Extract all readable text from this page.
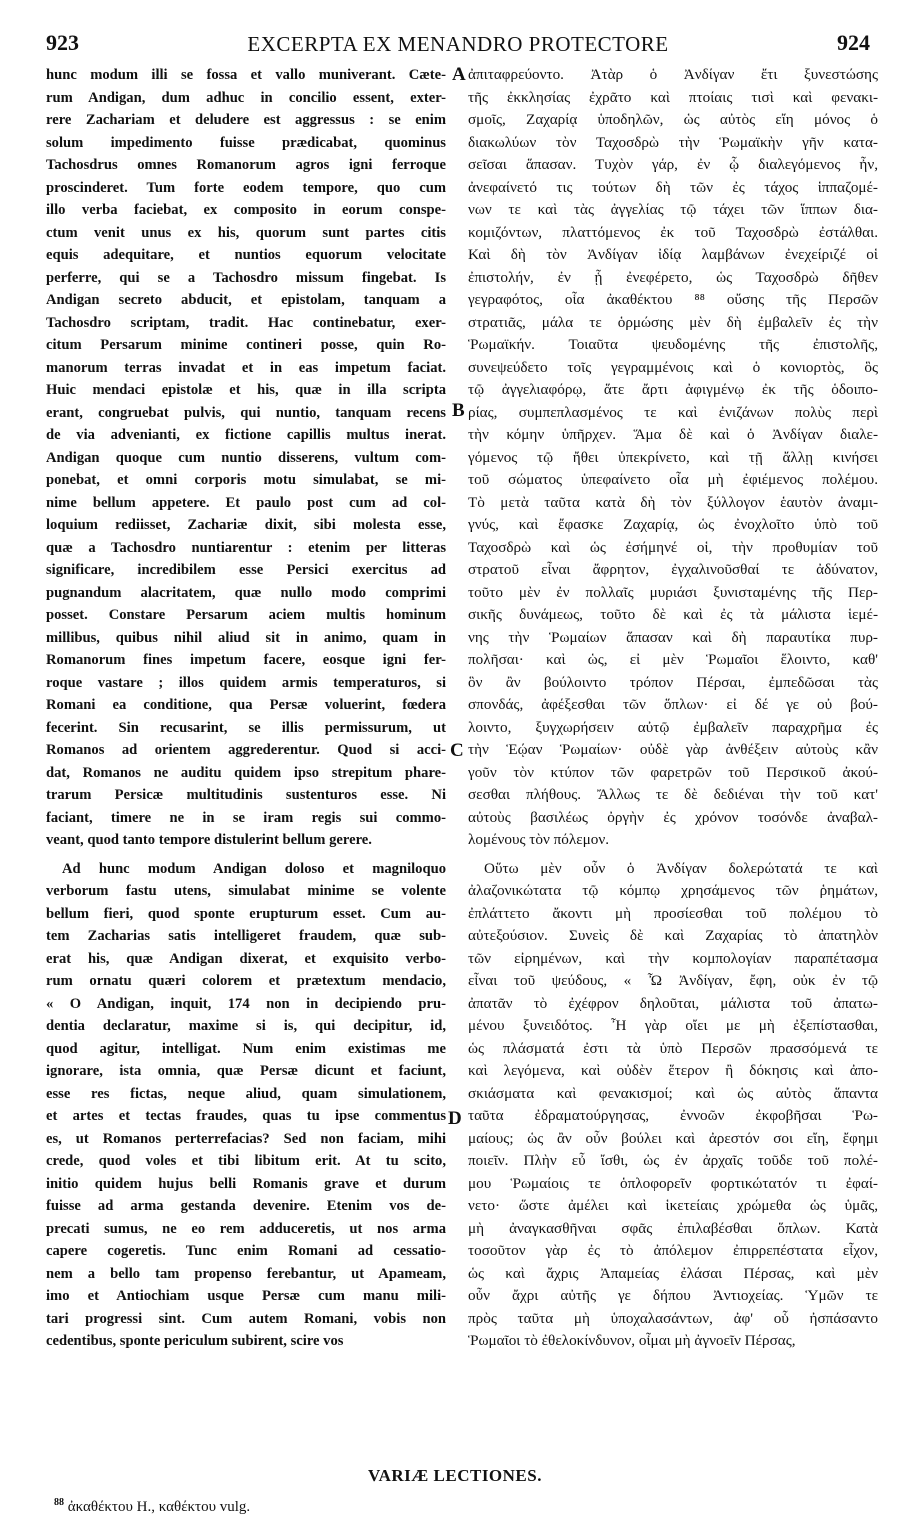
923	EXCERPTA EX MENANDRO PROTECTORE	924
hunc modum illi se fossa et vallo muniverant. Cæte-
rum Andigan, dum adhuc in concilio essent, exter-
rere Zachariam et deludere est aggressus : se enim
solum impedimento fuisse prædicabat, quominus
Tachosdrus omnes Romanorum agros igni ferroque
proscinderet. Tum forte eodem tempore, quo cum
illo verba faciebat, ex composito in eorum conspe-
ctum venit unus ex his, quorum sunt partes citis
equis adequitare, et nuntios equorum velocitate
perferre, qui se a Tachosdro missum fingebat. Is
Andigan secreto abducit, et epistolam, tanquam a
Tachosdro scriptam, tradit. Hac continebatur, exer-
citum Persarum minime contineri posse, quin Ro-
manorum terras invadat et in eas impetum faciat.
Huic mendaci epistolæ et his, quæ in illa scripta
erant, congruebat pulvis, qui nuntio, tanquam recens
de via advenianti, ex fictione capillis multus inerat.
Andigan quoque cum nuntio disserens, vultum com-
ponebat, et omni corporis motu simulabat, se mi-
nime bellum appetere. Et paulo post cum ad col-
loquium rediisset, Zachariæ dixit, sibi molesta esse,
quæ a Tachosdro nuntiarentur : etenim per litteras
significare, incredibilem esse Persici exercitus ad
pugnandum alacritatem, quæ nullo modo comprimi
posset. Constare Persarum aciem multis hominum
millibus, quibus nihil aliud sit in animo, quam in
Romanorum fines impetum facere, eosque igni fer-
roque vastare ; illos quidem armis temperaturos, si
Romani ea conditione, qua Persæ voluerint, fœdera
fecerint. Sin recusarint, se illis permissurum, ut
Romanos ad orientem aggrederentur. Quod si acci-
dat, Romanos ne auditu quidem ipso strepitum phare-
trarum Persicæ multitudinis sustenturos esse. Ni
faciant, timere ne in se iram regis sui commo-
veant, quod tanto tempore distulerint bellum gerere.
Ad hunc modum Andigan doloso et magniloquo
verborum fastu utens, simulabat minime se volente
bellum fieri, quod sponte erupturum esset. Cum au-
tem Zacharias satis intelligeret fraudem, quæ sub-
erat his, quæ Andigan dixerat, et exquisito verbo-
rum ornatu quæri colorem et prætextum mendacio,
« O Andigan, inquit, 174 non in decipiendo pru-
dentia declaratur, maxime si is, qui decipitur, id,
quod agitur, intelligat. Num enim existimas me
ignorare, ista omnia, quæ Persæ dicunt et faciunt,
esse res fictas, neque aliud, quam simulationem,
et artes et tectas fraudes, quas tu ipse commentus
es, ut Romanos perterrefacias? Sed non faciam, mihi
crede, quod voles et tibi libitum erit. At tu scito,
initio quidem hujus belli Romanis grave et durum
fuisse ad arma gestanda devenire. Etenim vos de-
precati sumus, ne eo rem adduceretis, ut nos arma
capere cogeretis. Tunc enim Romani ad cessatio-
nem a bello tam propenso ferebantur, ut Apameam,
imo et Antiochiam usque Persæ cum manu mili-
tari progressi sint. Cum autem Romani, vobis non
cedentibus, sponte periculum subirent, scire vos
ἀπιταφρεύοντο. Ἀτὰρ ὁ Ἀνδίγαν ἔτι ξυνεστώσης
τῆς ἐκκλησίας ἐχρᾶτο καὶ πτοίαις τισὶ καὶ φενακι-
σμοῖς, Ζαχαρίᾳ ὑποδηλῶν, ὡς αὐτὸς εἴη μόνος ὁ
διακωλύων τὸν Ταχοσδρὼ τὴν Ῥωμαϊκὴν γῆν κατα-
σεῖσαι ἅπασαν. Τυχὸν γάρ, ἐν ᾧ διαλεγόμενος ἦν,
ἀνεφαίνετό τις τούτων δὴ τῶν ἐς τάχος ἱππαζομέ-
νων τε καὶ τὰς ἀγγελίας τῷ τάχει τῶν ἵππων δια-
κομιζόντων, πλαττόμενος ἐκ τοῦ Ταχοσδρὼ ἐστάλθαι.
Καὶ δὴ τὸν Ἀνδίγαν ἰδίᾳ λαμβάνων ἐνεχείριζέ οἱ
ἐπιστολήν, ἐν ᾗ ἐνεφέρετο, ὡς Ταχοσδρὼ δῆθεν
γεγραφότος, οἷα ἀκαθέκτου ⁸⁸ οὔσης τῆς Περσῶν
στρατιᾶς, μάλα τε ὁρμώσης μὲν δὴ ἐμβαλεῖν ἐς τὴν
Ῥωμαϊκήν. Τοιαῦτα ψευδομένης τῆς ἐπιστολῆς,
συνεψεύδετο τοῖς γεγραμμένοις καὶ ὁ κονιορτὸς, ὃς
τῷ ἀγγελιαφόρῳ, ἅτε ἄρτι ἀφιγμένῳ ἐκ τῆς ὁδοιπο-
ρίας, συμπεπλασμένος τε καὶ ἐνιζάνων πολὺς περὶ
τὴν κόμην ὑπῆρχεν. Ἅμα δὲ καὶ ὁ Ἀνδίγαν διαλε-
γόμενος τῷ ἤθει ὑπεκρίνετο, καὶ τῇ ἄλλῃ κινήσει
τοῦ σώματος ὑπεφαίνετο οἷα μὴ ἐφιέμενος πολέμου.
Τὸ μετὰ ταῦτα κατὰ δὴ τὸν ξύλλογον ἑαυτὸν ἀναμι-
γνύς, καὶ ἔφασκε Ζαχαρίᾳ, ὡς ἐνοχλοῖτο ὑπὸ τοῦ
Ταχοσδρὼ καὶ ὡς ἐσήμηνέ οἱ, τὴν προθυμίαν τοῦ
στρατοῦ εἶναι ἄφρητον, ἐγχαλινοῦσθαί τε ἀδύνατον,
τοῦτο μὲν ἐν πολλαῖς μυριάσι ξυνισταμένης τῆς Περ-
σικῆς δυνάμεως, τοῦτο δὲ καὶ ἐς τὰ μάλιστα ἱεμέ-
νης τὴν Ῥωμαίων ἅπασαν καὶ δὴ παραυτίκα πυρ-
πολῆσαι· καὶ ὡς, εἰ μὲν Ῥωμαῖοι ἕλοιντο, καθ'
ὃν ἂν βούλοιντο τρόπον Πέρσαι, ἐμπεδῶσαι τὰς
σπονδάς, ἀφέξεσθαι τῶν ὅπλων· εἰ δέ γε οὐ βού-
λοιντο, ξυγχωρήσειν αὐτῷ ἐμβαλεῖν παραχρῆμα ἐς
τὴν Ἑῴαν Ῥωμαίων· οὐδὲ γὰρ ἀνθέξειν αὐτοὺς κἂν
γοῦν τὸν κτύπον τῶν φαρετρῶν τοῦ Περσικοῦ ἀκού-
σεσθαι πλήθους. Ἄλλως τε δὲ δεδιέναι τὴν τοῦ κατ'
αὐτοὺς βασιλέως ὀργὴν ἐς χρόνον τοσόνδε ἀναβαλ-
λομένους τὸν πόλεμον.
Οὕτω μὲν οὖν ὁ Ἀνδίγαν δολερώτατά τε καὶ
ἀλαζονικώτατα τῷ κόμπῳ χρησάμενος τῶν ῥημάτων,
ἐπλάττετο ἄκοντι μὴ προσίεσθαι τοῦ πολέμου τὸ
αὐτεξούσιον. Συνεὶς δὲ καὶ Ζαχαρίας τὸ ἀπατηλὸν
τῶν εἰρημένων, καὶ τὴν κομπολογίαν παραπέτασμα
εἶναι τοῦ ψεύδους, « Ὦ Ἀνδίγαν, ἔφη, οὐκ ἐν τῷ
ἀπατᾶν τὸ ἐχέφρον δηλοῦται, μάλιστα τοῦ ἀπατω-
μένου ξυνειδότος. Ἦ γὰρ οἴει με μὴ ἐξεπίστασθαι,
ὡς πλάσματά ἐστι τὰ ὑπὸ Περσῶν πρασσόμενά τε
καὶ λεγόμενα, καὶ οὐδὲν ἕτερον ἢ δόκησις καὶ ἀπο-
σκιάσματα καὶ φενακισμοί; καὶ ὡς αὐτὸς ἅπαντα
ταῦτα ἐδραματούργησας, ἐννοῶν ἐκφοβῆσαι Ῥω-
μαίους; ὡς ἂν οὖν βούλει καὶ ἀρεστόν σοι εἴη, ἔφημι
ποιεῖν. Πλὴν εὖ ἴσθι, ὡς ἐν ἀρχαῖς τοῦδε τοῦ πολέ-
μου Ῥωμαίοις τε ὁπλοφορεῖν φορτικώτατόν τι ἐφαί-
νετο· ὥστε ἀμέλει καὶ ἱκετείαις χρώμεθα ὡς ὑμᾶς,
μὴ ἀναγκασθῆναι σφᾶς ἐπιλαβέσθαι ὅπλων. Κατὰ
τοσοῦτον γὰρ ἐς τὸ ἀπόλεμον ἐπιρρεπέστατα εἶχον,
ὡς καὶ ἄχρις Ἀπαμείας ἐλάσαι Πέρσας, καὶ μὲν
οὖν ἄχρι αὐτῆς γε δήπου Ἀντιοχείας. Ὑμῶν τε
πρὸς ταῦτα μὴ ὑποχαλασάντων, ἀφ' οὗ ἠσπάσαντο
Ῥωμαῖοι τὸ ἐθελοκίνδυνον, οἶμαι μὴ ἀγνοεῖν Πέρσας,
A
B
C
D
VARIÆ LECTIONES.
$^{88}$ ἀκαθέκτου H., καθέκτου vulg.
